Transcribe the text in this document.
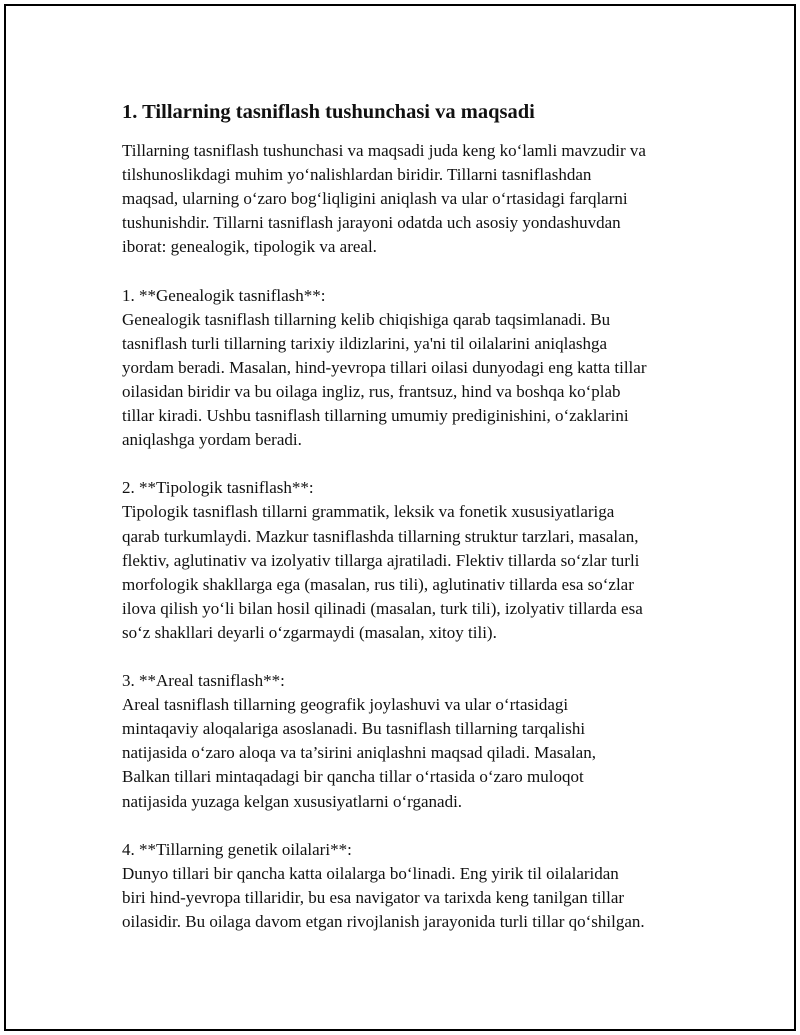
1. Tillarning tasniflash tushunchasi va maqsadi

Tillarning tasniflash tushunchasi va maqsadi juda keng ko‘lamli mavzudir va
tilshunoslikdagi muhim yo‘nalishlardan biridir. Tillarni tasniflashdan
maqsad, ularning o‘zaro bog‘liqligini aniqlash va ular o‘rtasidagi farqlarni
tushunishdir. Tillarni tasniflash jarayoni odatda uch asosiy yondashuvdan
iborat: genealogik, tipologik va areal.

1. **Genealogik tasniflash**:

Genealogik tasniflash tillarning kelib chiqishiga qarab taqsimlanadi. Bu
tasniflash turli tillarning tarixiy ildizlarini, ya'ni til oilalarini aniqlashga
yordam beradi. Masalan, hind-yevropa tillari oilasi dunyodagi eng katta tillar
oilasidan biridir va bu oilaga ingliz, rus, frantsuz, hind va boshqa ko‘plab
tillar kiradi. Ushbu tasniflash tillarning umumiy prediginishini, o‘zaklarini
aniqlashga yordam beradi.

2. **Tipologik tasniflash**:

Tipologik tasniflash tillarni grammatik, leksik va fonetik xususiyatlariga
qarab turkumlaydi. Mazkur tasniflashda tillarning struktur tarzlari, masalan,
flektiv, aglutinativ va izolyativ tillarga ajratiladi. Flektiv tillarda so‘zlar turli
morfologik shakllarga ega (masalan, rus tili), aglutinativ tillarda esa so‘zlar
ilova qilish yo‘li bilan hosil qilinadi (masalan, turk tili), izolyativ tillarda esa
so‘z shakllari deyarli o‘zgarmaydi (masalan, xitoy tili).

3. **Areal tasniflash**:

Areal tasniflash tillarning geografik joylashuvi va ular o‘rtasidagi
mintaqaviy aloqalariga asoslanadi. Bu tasniflash tillarning tarqalishi
natijasida o‘zaro aloqa va ta’sirini aniqlashni maqsad qiladi. Masalan,
Balkan tillari mintaqadagi bir qancha tillar o‘rtasida o‘zaro muloqot
natijasida yuzaga kelgan xususiyatlarni o‘rganadi.

4. **Tillarning genetik oilalari**:

Dunyo tillari bir qancha katta oilalarga bo‘linadi. Eng yirik til oilalaridan
biri hind-yevropa tillaridir, bu esa navigator va tarixda keng tanilgan tillar
oilasidir. Bu oilaga davom etgan rivojlanish jarayonida turli tillar qo‘shilgan.
